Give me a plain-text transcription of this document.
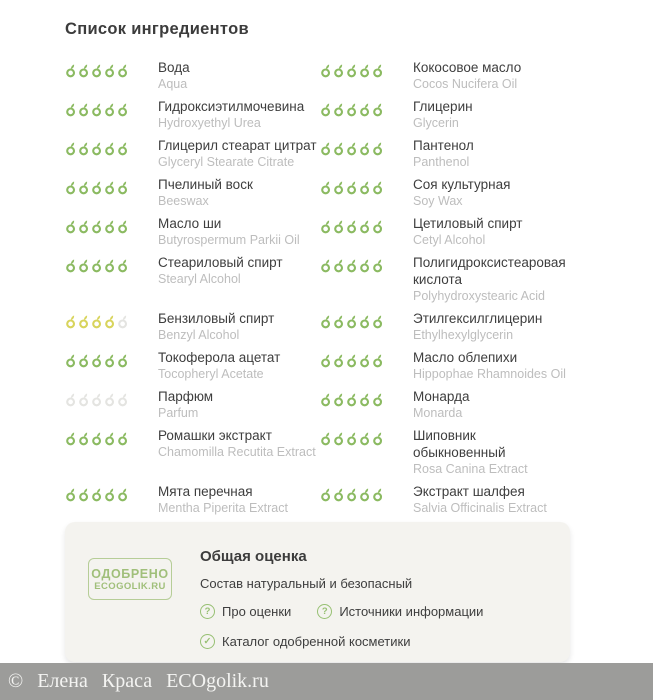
Список ингредиентов
Вода
Aqua
Кокосовое масло
Cocos Nucifera Oil
Гидроксиэтилмочевина
Hydroxyethyl Urea
Глицерин
Glycerin
Глицерил стеарат цитрат
Glyceryl Stearate Citrate
Пантенол
Panthenol
Пчелиный воск
Beeswax
Соя культурная
Soy Wax
Масло ши
Butyrospermum Parkii Oil
Цетиловый спирт
Cetyl Alcohol
Стеариловый спирт
Stearyl Alcohol
Полигидроксистеаровая кислота
Polyhydroxystearic Acid
Бензиловый спирт
Benzyl Alcohol
Этилгексилглицерин
Ethylhexylglycerin
Токоферола ацетат
Tocopheryl Acetate
Масло облепихи
Hippophae Rhamnoides Oil
Парфюм
Parfum
Монарда
Monarda
Ромашки экстракт
Chamomilla Recutita Extract
Шиповник обыкновенный
Rosa Canina Extract
Мята перечная
Mentha Piperita Extract
Экстракт шалфея
Salvia Officinalis Extract
ОДОБРЕНО
ECOGOLIK.RU
Общая оценка
Состав натуральный и безопасный
? Про оценки	? Источники информации
✓ Каталог одобренной косметики
© Елена Краса ECOgolik.ru
